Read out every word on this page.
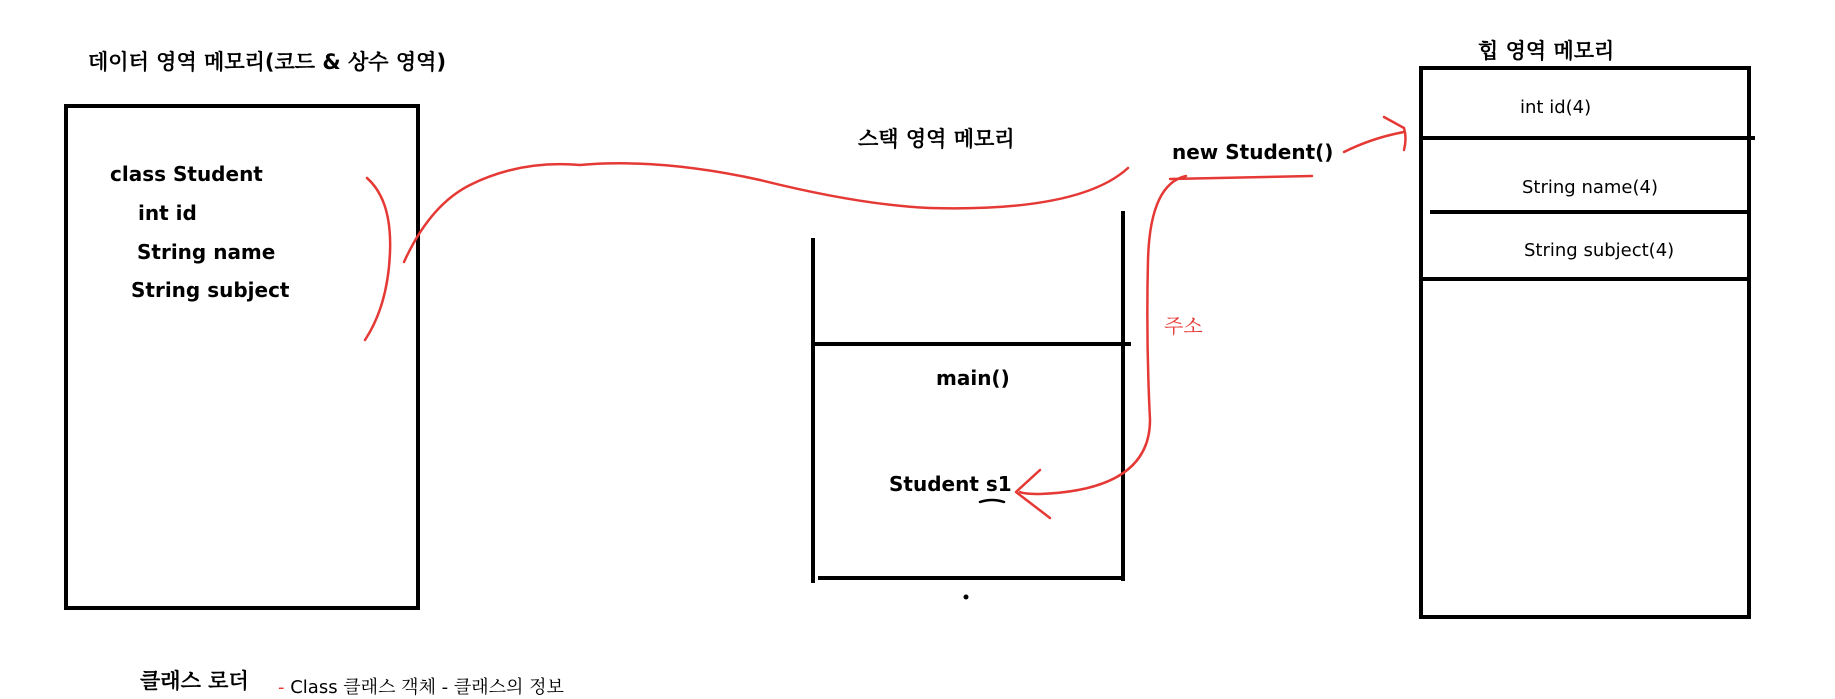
데이터 영역 메모리(코드 & 상수 영역)
class Student
int id
String name
String subject
스택 영역 메모리
main()
Student s1
힙 영역 메모리
int id(4)
String name(4)
String subject(4)
new Student()
주소
클래스 로더 - Class 클래스 객체 - 클래스의 정보
